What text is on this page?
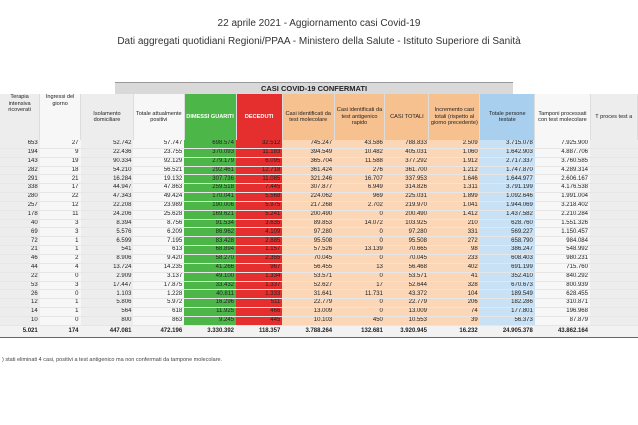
22 aprile 2021 - Aggiornamento casi Covid-19
Dati aggregati quotidiani Regioni/PPAA - Ministero della Salute - Istituto Superiore di Sanità
CASI COVID-19 CONFERMATI
Terapia intensiva
ricoverati	Ingressi del giorno	Isolamento domiciliare	Totale attualmente positivi	DIMESSI GUARITI	DECEDUTI	Casi identificati da test molecolare	Casi identificati da test antigenico rapido	CASI TOTALI	Incremento casi totali (rispetto al giorno precedente)	Totale persone testate	Tamponi processati con test molecolare	T proces test a
653	27	52.742	57.747	698.574	32.512	745.247	43.586	788.833	2.509	3.715.078	7.925.900	
194	9	22.436	23.755	370.093	11.183	394.549	10.482	405.031	1.060	1.642.903	4.887.706	
143	19	90.334	92.129	279.179	6.095	365.704	11.588	377.292	1.912	2.717.337	3.760.585	
282	18	54.210	56.521	292.461	12.718	361.424	276	361.700	1.212	1.747.870	4.289.314	
291	21	16.284	19.132	307.736	11.085	321.246	16.707	337.953	1.646	1.644.977	2.606.167	
338	17	44.947	47.863	259.518	7.445	307.877	6.949	314.826	1.311	3.791.199	4.176.538	
280	22	47.343	49.424	170.041	5.568	224.062	969	225.031	1.899	1.092.646	1.991.004	
257	12	22.208	23.989	190.006	5.975	217.268	2.702	219.970	1.041	1.944.069	3.218.402	
178	11	24.206	25.628	169.621	5.241	200.490	0	200.490	1.412	1.437.582	2.210.284	
40	3	8.394	8.756	91.534	3.635	89.853	14.072	103.925	210	628.760	1.551.326	
69	3	5.576	6.209	86.962	4.109	97.280	0	97.280	331	569.227	1.150.457	
72	1	6.599	7.195	83.428	2.885	95.508	0	95.508	272	658.790	984.084	
21	1	541	613	68.894	1.157	57.526	13.139	70.665	98	386.247	548.992	
46	2	8.906	9.420	58.270	2.355	70.045	0	70.045	233	608.403	980.231	
44	4	13.724	14.235	41.266	967	56.455	13	56.468	402	691.199	715.760	
22	0	2.909	3.137	49.100	1.334	53.571	0	53.571	41	352.410	840.292	
53	3	17.447	17.875	33.432	1.337	52.627	17	52.644	328	670.673	800.939	
26	0	1.103	1.228	40.811	1.333	31.641	11.731	43.372	104	189.549	628.455	
12	1	5.806	5.972	16.296	511	22.779	0	22.779	206	182.286	310.871	
14	1	564	618	11.925	466	13.009	0	13.009	74	177.801	196.968	
10	0	800	863	9.245	445	10.103	450	10.553	39	56.373	87.879	
5.021	174	447.081	472.196	3.330.392	118.357	3.788.264	132.681	3.920.945	16.232	24.905.378	43.862.164	
) stati eliminati 4 casi, positivi a test antigenico ma non confermati da tampone molecolare.
